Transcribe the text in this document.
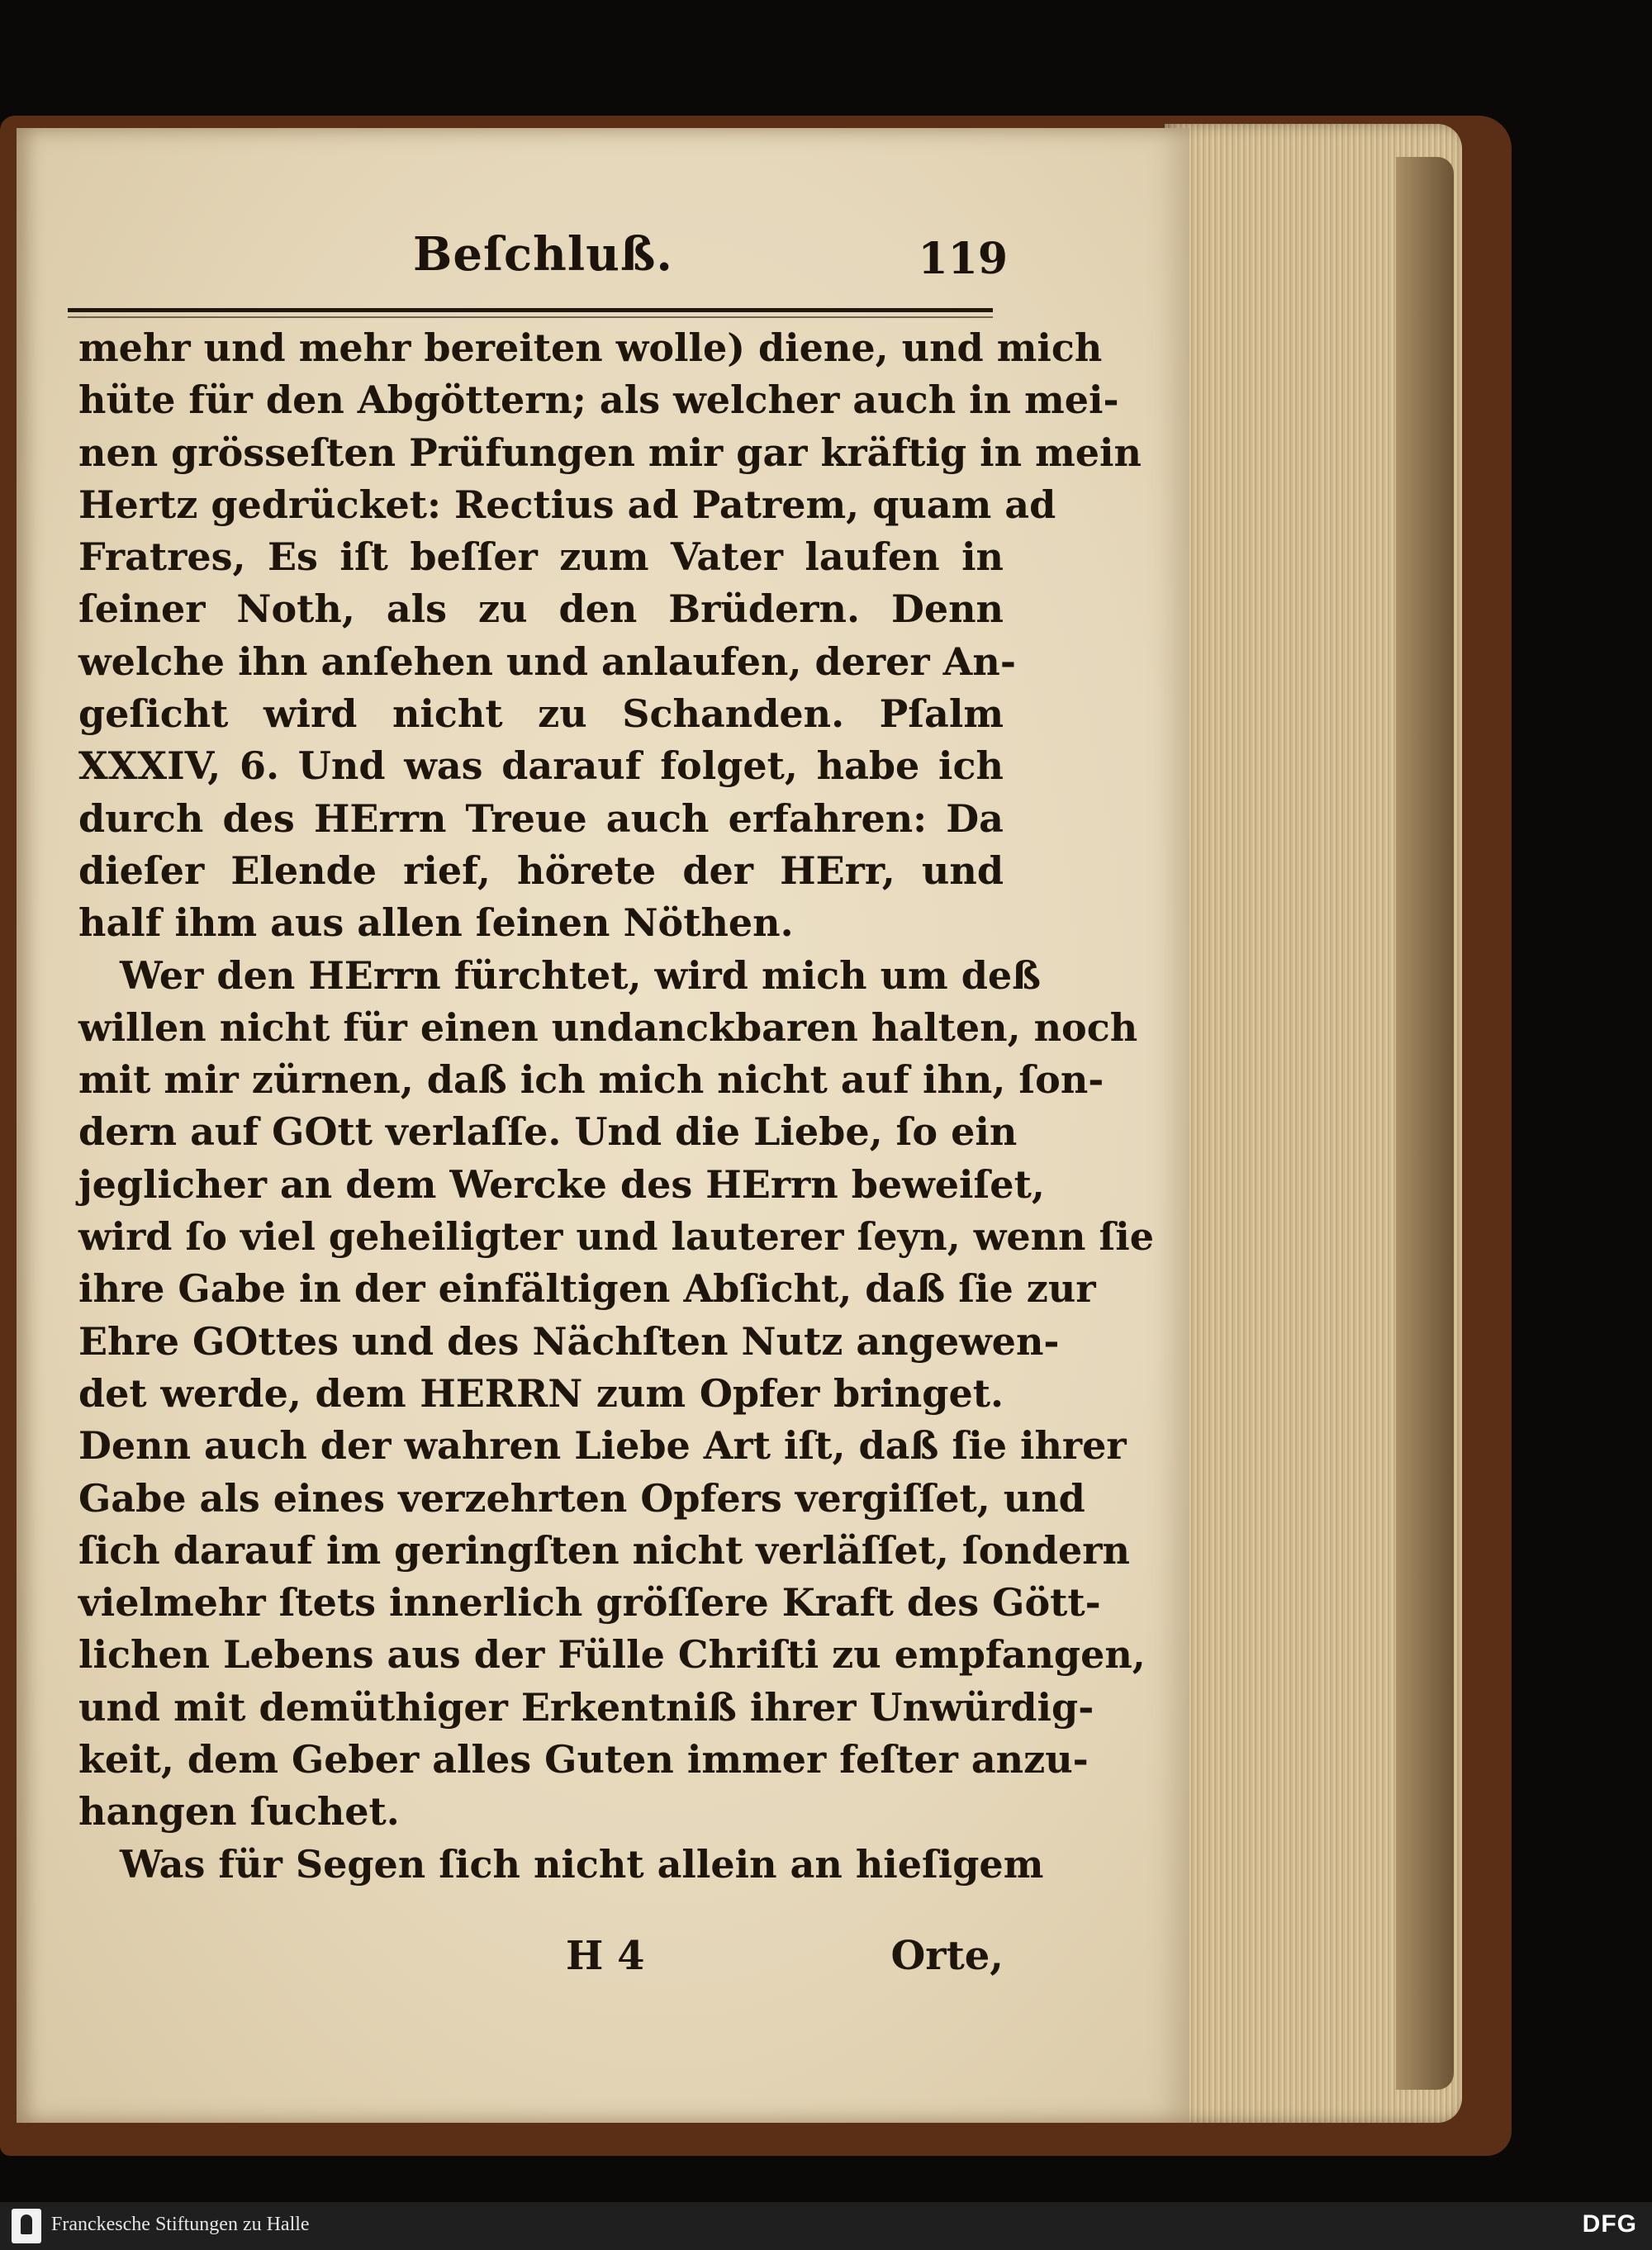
Beſchluß.	119
mehr und mehr bereiten wolle) diene, und mich
hüte für den Abgöttern; als welcher auch in mei-
nen grösseſten Prüfungen mir gar kräftig in mein
Hertz gedrücket: Rectius ad Patrem, quam ad
Fratres, Es iſt beſſer zum Vater laufen in
ſeiner Noth, als zu den Brüdern. Denn
welche ihn anſehen und anlaufen, derer An-
geſicht wird nicht zu Schanden. Pſalm
XXXIV, 6. Und was darauf folget, habe ich
durch des HErrn Treue auch erfahren: Da
dieſer Elende rief, hörete der HErr, und
half ihm aus allen ſeinen Nöthen.
Wer den HErrn fürchtet, wird mich um deß
willen nicht für einen undanckbaren halten, noch
mit mir zürnen, daß ich mich nicht auf ihn, ſon-
dern auf GOtt verlaſſe. Und die Liebe, ſo ein
jeglicher an dem Wercke des HErrn beweiſet,
wird ſo viel geheiligter und lauterer ſeyn, wenn ſie
ihre Gabe in der einfältigen Abſicht, daß ſie zur
Ehre GOttes und des Nächſten Nutz angewen-
det werde, dem HERRN zum Opfer bringet.
Denn auch der wahren Liebe Art iſt, daß ſie ihrer
Gabe als eines verzehrten Opfers vergiſſet, und
ſich darauf im geringſten nicht verläſſet, ſondern
vielmehr ſtets innerlich gröſſere Kraft des Gött-
lichen Lebens aus der Fülle Chriſti zu empfangen,
und mit demüthiger Erkentniß ihrer Unwürdig-
keit, dem Geber alles Guten immer feſter anzu-
hangen ſuchet.
Was für Segen ſich nicht allein an hieſigem
H 4	Orte,
Franckesche Stiftungen zu Halle	DFG
